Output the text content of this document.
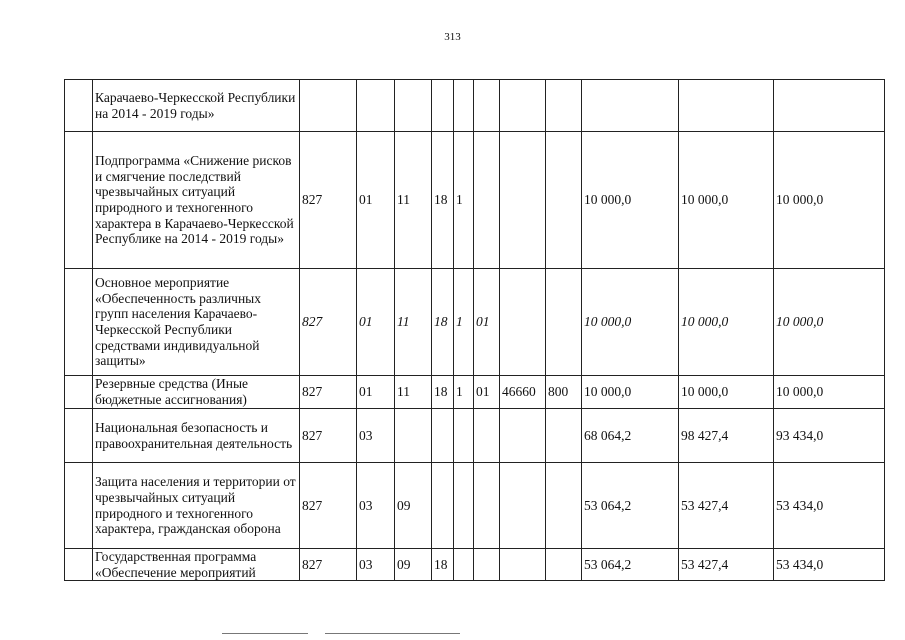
313
	Карачаево-Черкесской Республики на 2014 - 2019 годы»											
	Подпрограмма «Снижение рисков и смягчение последствий чрезвычайных ситуаций природного и техногенного характера в Карачаево-Черкесской Республике на 2014 - 2019 годы»	827	01	11	18	1				10 000,0	10 000,0	10 000,0
	Основное мероприятие «Обеспеченность различных групп населения Карачаево-Черкесской Республики средствами индивидуальной защиты»	827	01	11	18	1	01			10 000,0	10 000,0	10 000,0
	Резервные средства (Иные бюджетные ассигнования)	827	01	11	18	1	01	46660	800	10 000,0	10 000,0	10 000,0
	Национальная безопасность и правоохранительная деятельность	827	03							68 064,2	98 427,4	93 434,0
	Защита населения и территории от чрезвычайных ситуаций природного и техногенного характера, гражданская оборона	827	03	09						53 064,2	53 427,4	53 434,0
	Государственная программа «Обеспечение мероприятий	827	03	09	18					53 064,2	53 427,4	53 434,0
